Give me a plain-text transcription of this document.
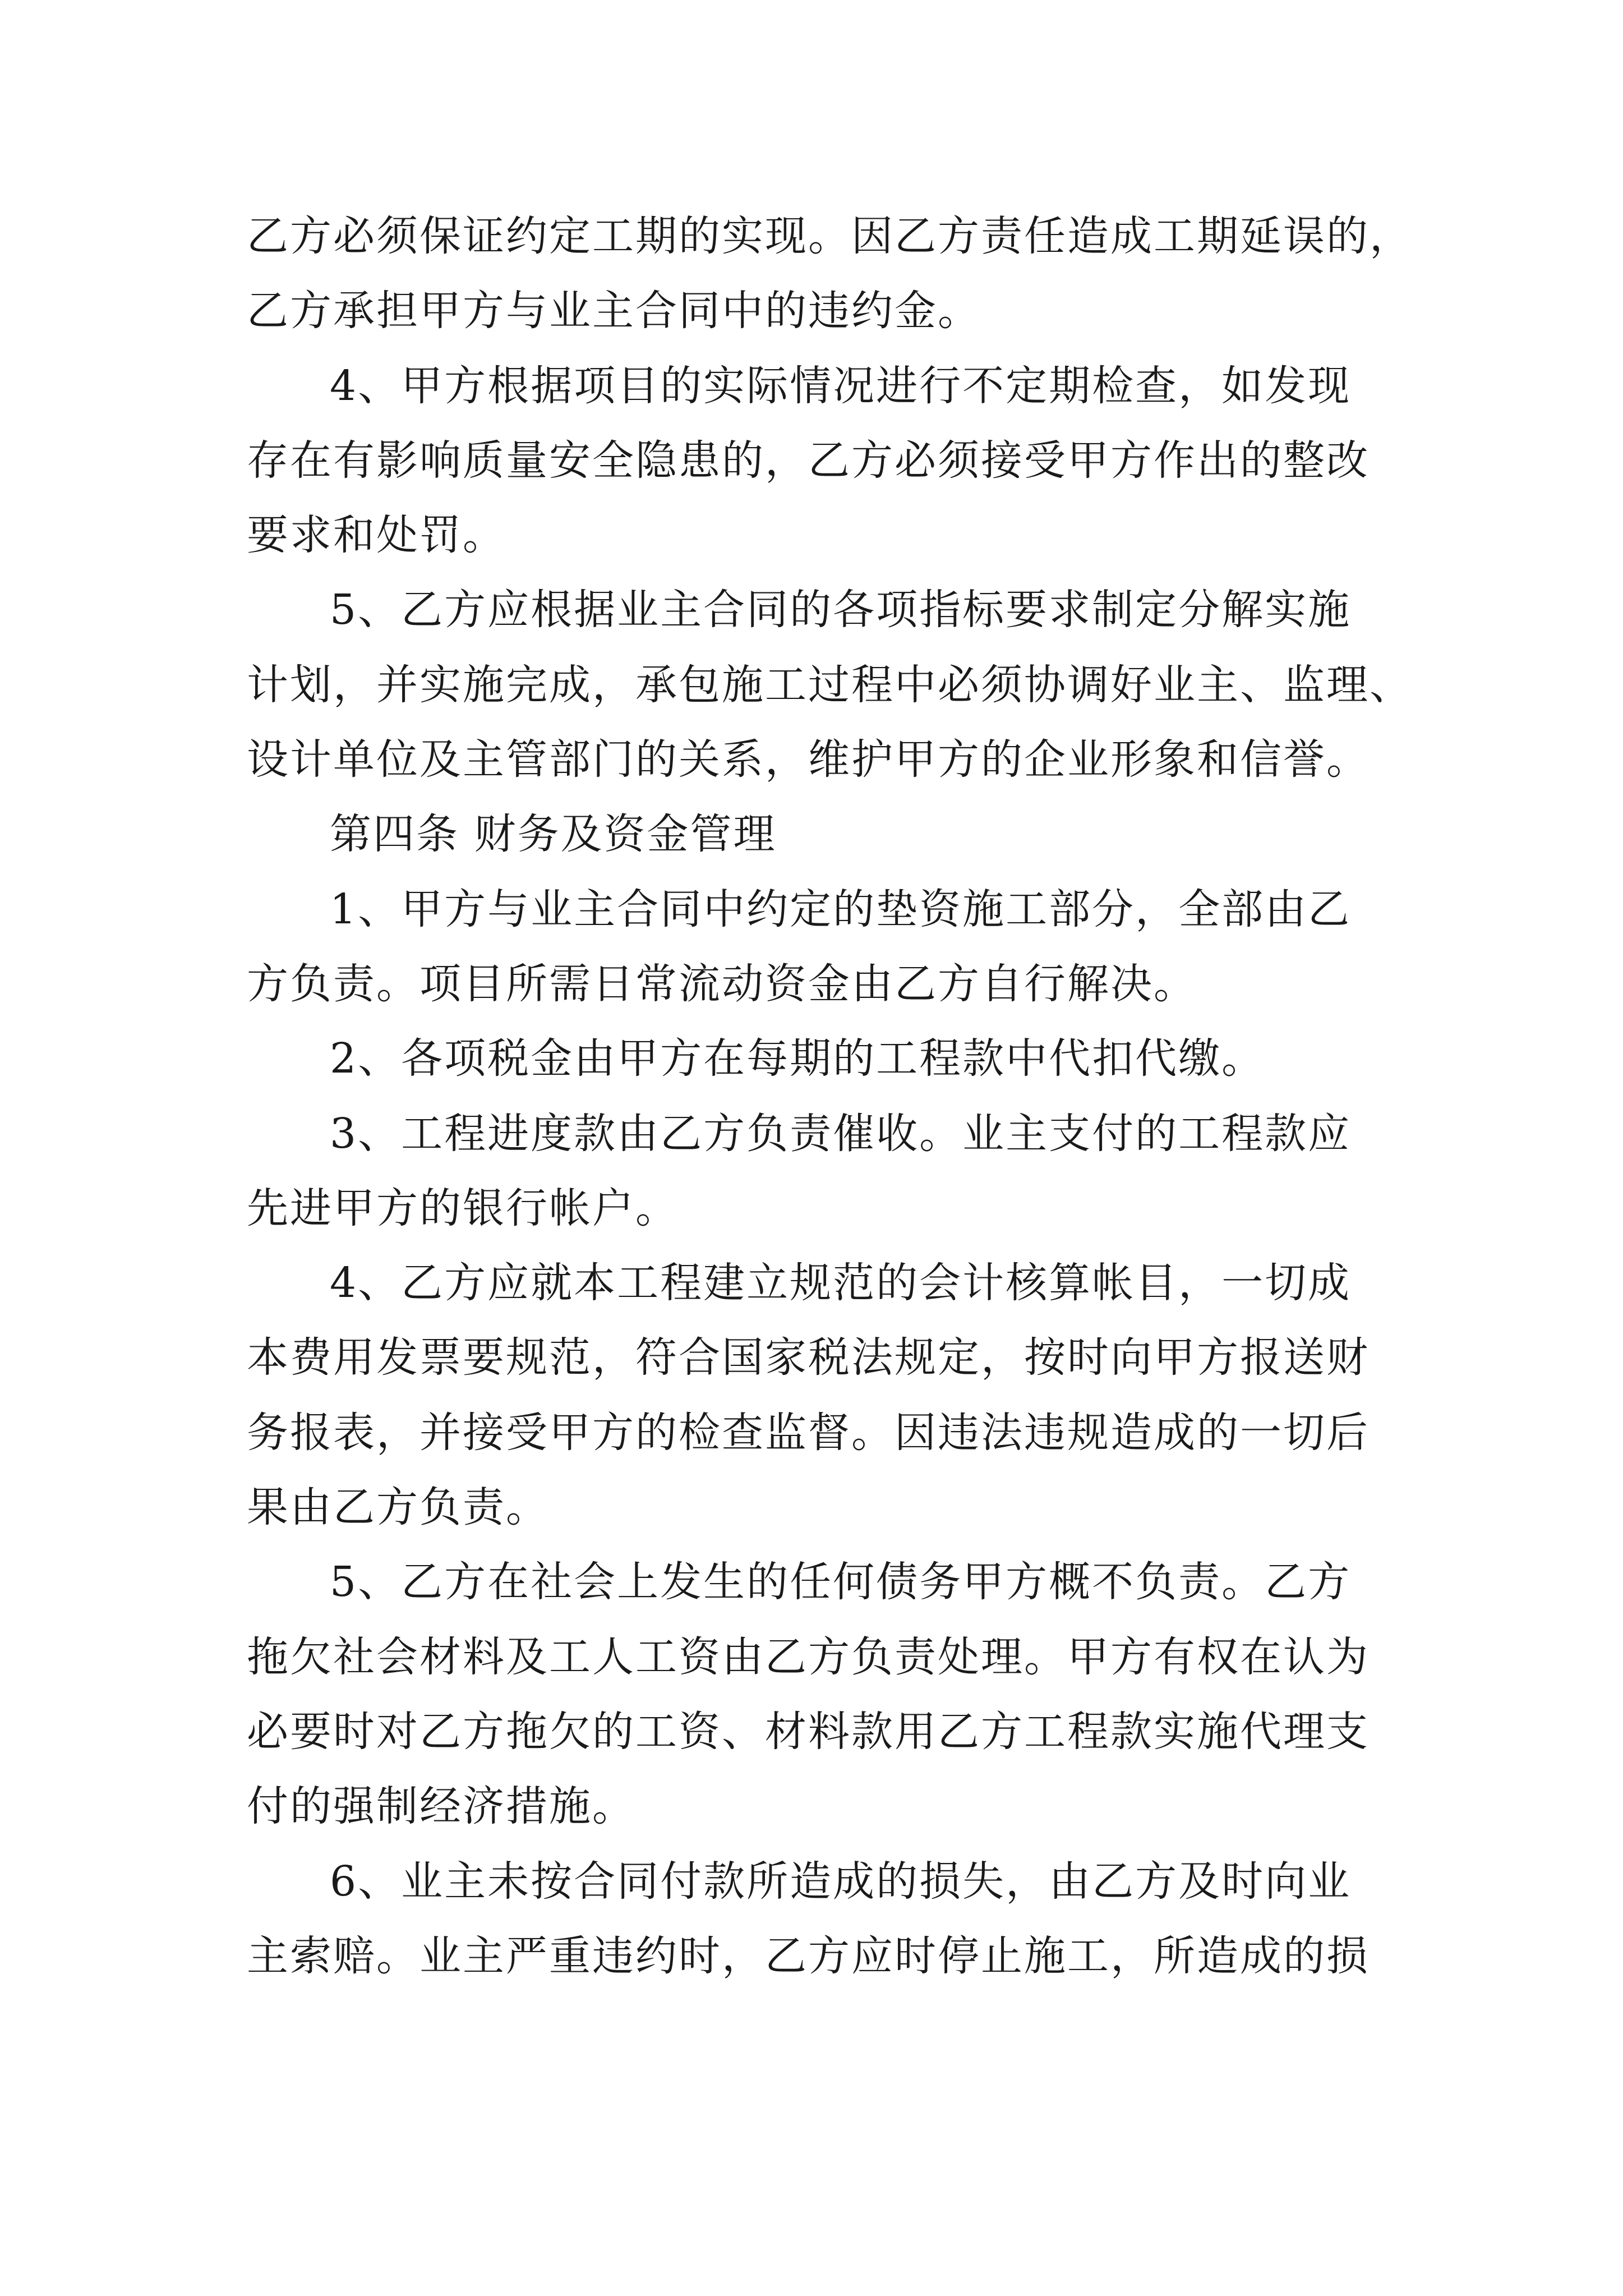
乙方必须保证约定工期的实现。因乙方责任造成工期延误的，
乙方承担甲方与业主合同中的违约金。
4、甲方根据项目的实际情况进行不定期检查，如发现
存在有影响质量安全隐患的，乙方必须接受甲方作出的整改
要求和处罚。
5、乙方应根据业主合同的各项指标要求制定分解实施
计划，并实施完成，承包施工过程中必须协调好业主、监理、
设计单位及主管部门的关系，维护甲方的企业形象和信誉。
第四条 财务及资金管理
1、甲方与业主合同中约定的垫资施工部分，全部由乙
方负责。项目所需日常流动资金由乙方自行解决。
2、各项税金由甲方在每期的工程款中代扣代缴。
3、工程进度款由乙方负责催收。业主支付的工程款应
先进甲方的银行帐户。
4、乙方应就本工程建立规范的会计核算帐目，一切成
本费用发票要规范，符合国家税法规定，按时向甲方报送财
务报表，并接受甲方的检查监督。因违法违规造成的一切后
果由乙方负责。
5、乙方在社会上发生的任何债务甲方概不负责。乙方
拖欠社会材料及工人工资由乙方负责处理。甲方有权在认为
必要时对乙方拖欠的工资、材料款用乙方工程款实施代理支
付的强制经济措施。
6、业主未按合同付款所造成的损失，由乙方及时向业
主索赔。业主严重违约时，乙方应时停止施工，所造成的损
